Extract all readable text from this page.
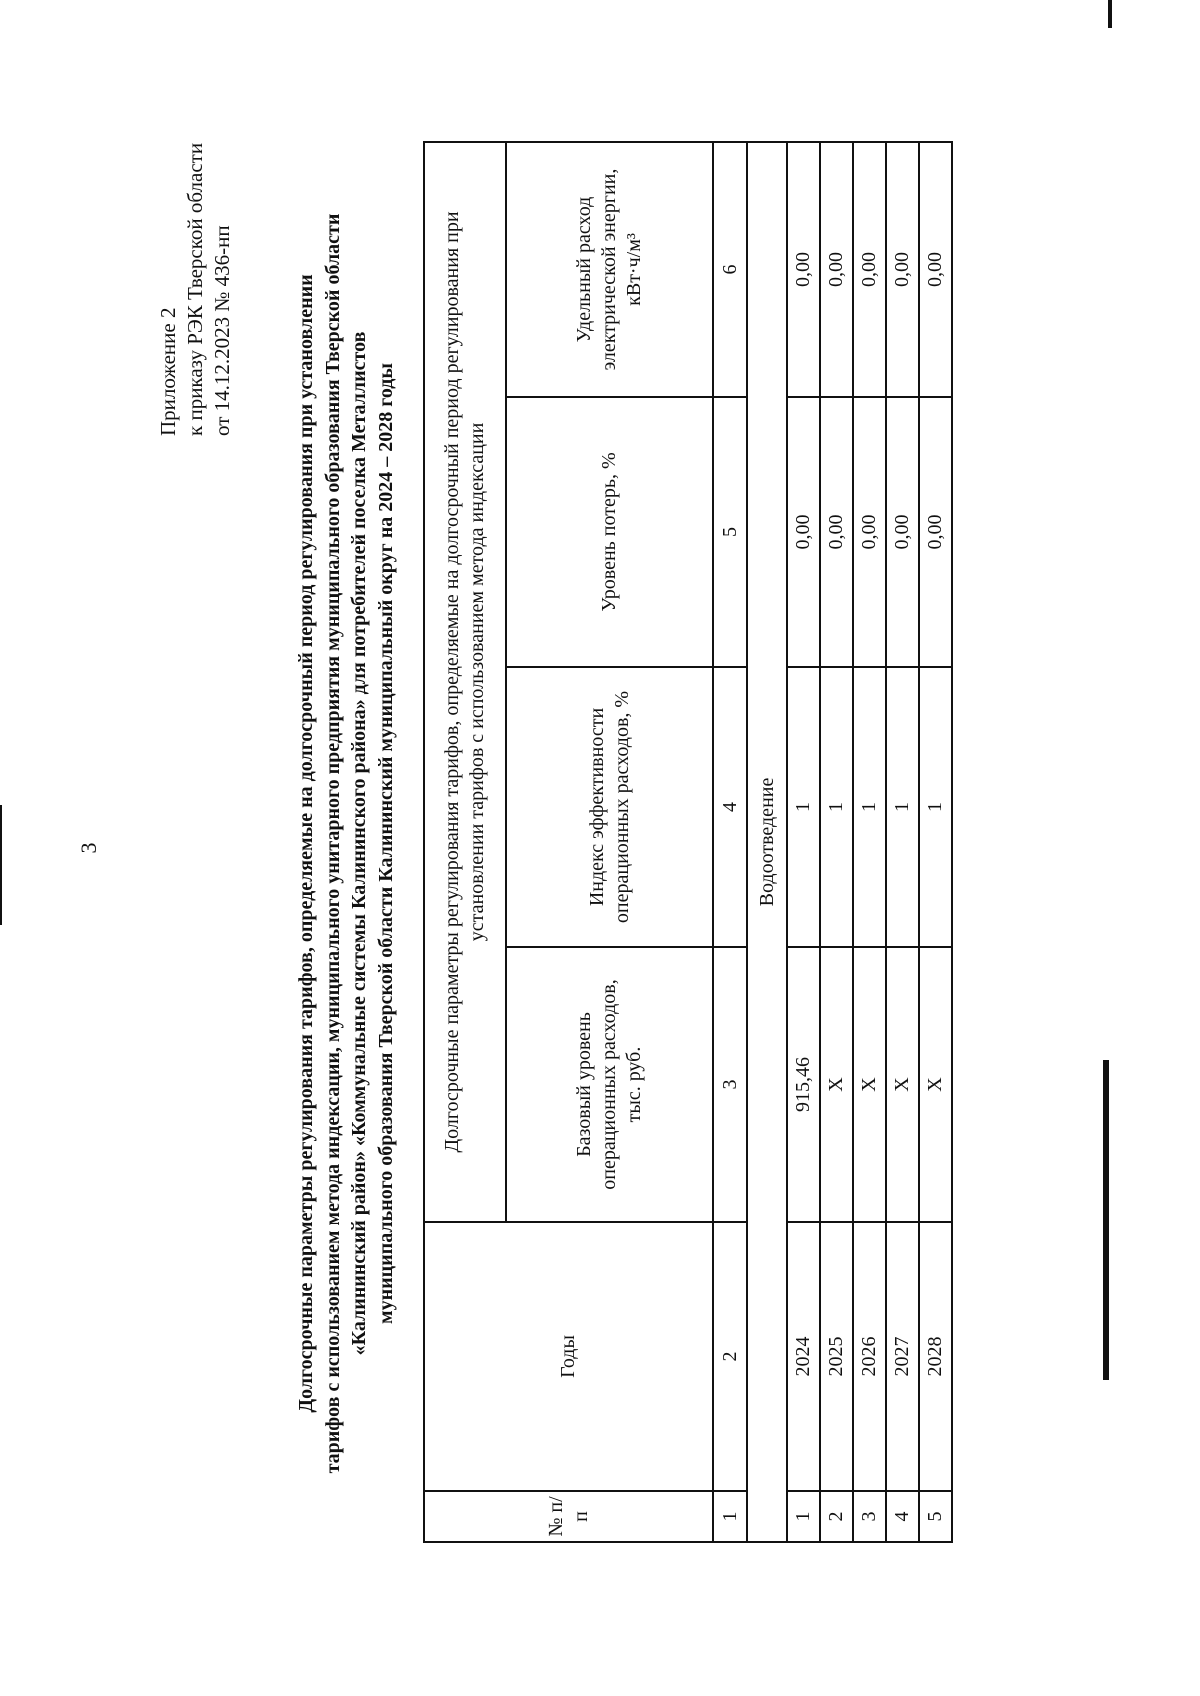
3
Приложение 2 к приказу РЭК Тверской области от 14.12.2023 № 436-нп	Долгосрочные параметры регулирования тарифов, определяемые на долгосрочный период регулирования при установлении тарифов с использованием метода индексации, муниципального унитарного предприятия муниципального образования Тверской области «Калининский район» «Коммунальные системы Калининского района» для потребителей поселка Металлистов муниципального образования Тверской области Калининский муниципальный округ на 2024 – 2028 годы
№ п/п	Годы	Долгосрочные параметры регулирования тарифов, определяемые на долгосрочный период регулирования при установлении тарифов с использованием метода индексации			
		Базовый уровень операционных расходов, тыс. руб.	Индекс эффективности операционных расходов, %	Уровень потерь, %	Удельный расход электрической энергии, кВт·ч/м³
1	2	3	4	5	6
Водоотведение					
1	2024	915,46	1	0,00	0,00
2	2025	X	1	0,00	0,00
3	2026	X	1	0,00	0,00
4	2027	X	1	0,00	0,00
5	2028	X	1	0,00	0,00
